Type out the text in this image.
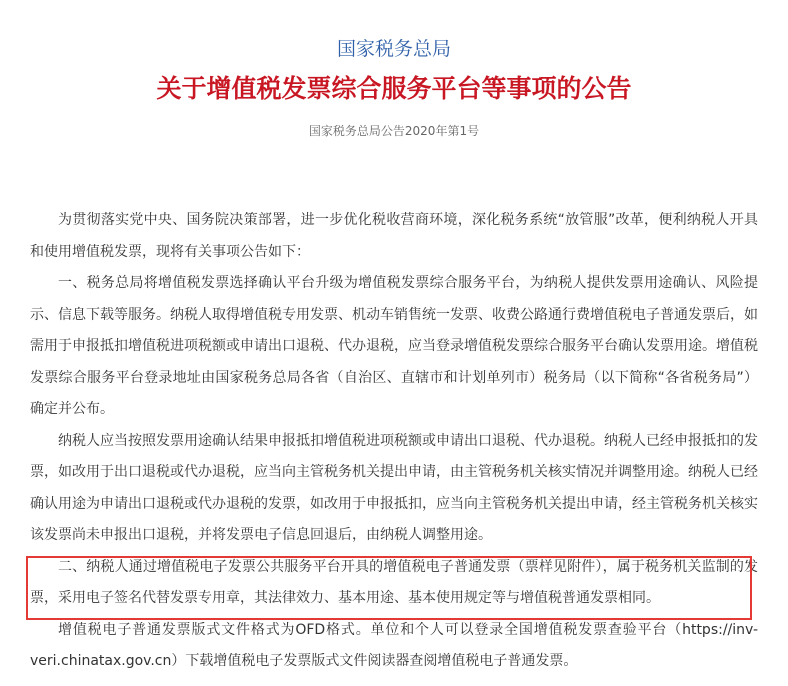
国家税务总局
关于增值税发票综合服务平台等事项的公告
国家税务总局公告2020年第1号

为贯彻落实党中央、国务院决策部署，进一步优化税收营商环境，深化税务系统“放管服”改革，便利纳税人开具和使用增值税发票，现将有关事项公告如下：

一、税务总局将增值税发票选择确认平台升级为增值税发票综合服务平台，为纳税人提供发票用途确认、风险提示、信息下载等服务。纳税人取得增值税专用发票、机动车销售统一发票、收费公路通行费增值税电子普通发票后，如需用于申报抵扣增值税进项税额或申请出口退税、代办退税，应当登录增值税发票综合服务平台确认发票用途。增值税发票综合服务平台登录地址由国家税务总局各省（自治区、直辖市和计划单列市）税务局（以下简称“各省税务局”）确定并公布。

纳税人应当按照发票用途确认结果申报抵扣增值税进项税额或申请出口退税、代办退税。纳税人已经申报抵扣的发票，如改用于出口退税或代办退税，应当向主管税务机关提出申请，由主管税务机关核实情况并调整用途。纳税人已经确认用途为申请出口退税或代办退税的发票，如改用于申报抵扣，应当向主管税务机关提出申请，经主管税务机关核实该发票尚未申报出口退税，并将发票电子信息回退后，由纳税人调整用途。

二、纳税人通过增值税电子发票公共服务平台开具的增值税电子普通发票（票样见附件），属于税务机关监制的发票，采用电子签名代替发票专用章，其法律效力、基本用途、基本使用规定等与增值税普通发票相同。

增值税电子普通发票版式文件格式为OFD格式。单位和个人可以登录全国增值税发票查验平台（https://inv-veri.chinatax.gov.cn）下载增值税电子发票版式文件阅读器查阅增值税电子普通发票。
